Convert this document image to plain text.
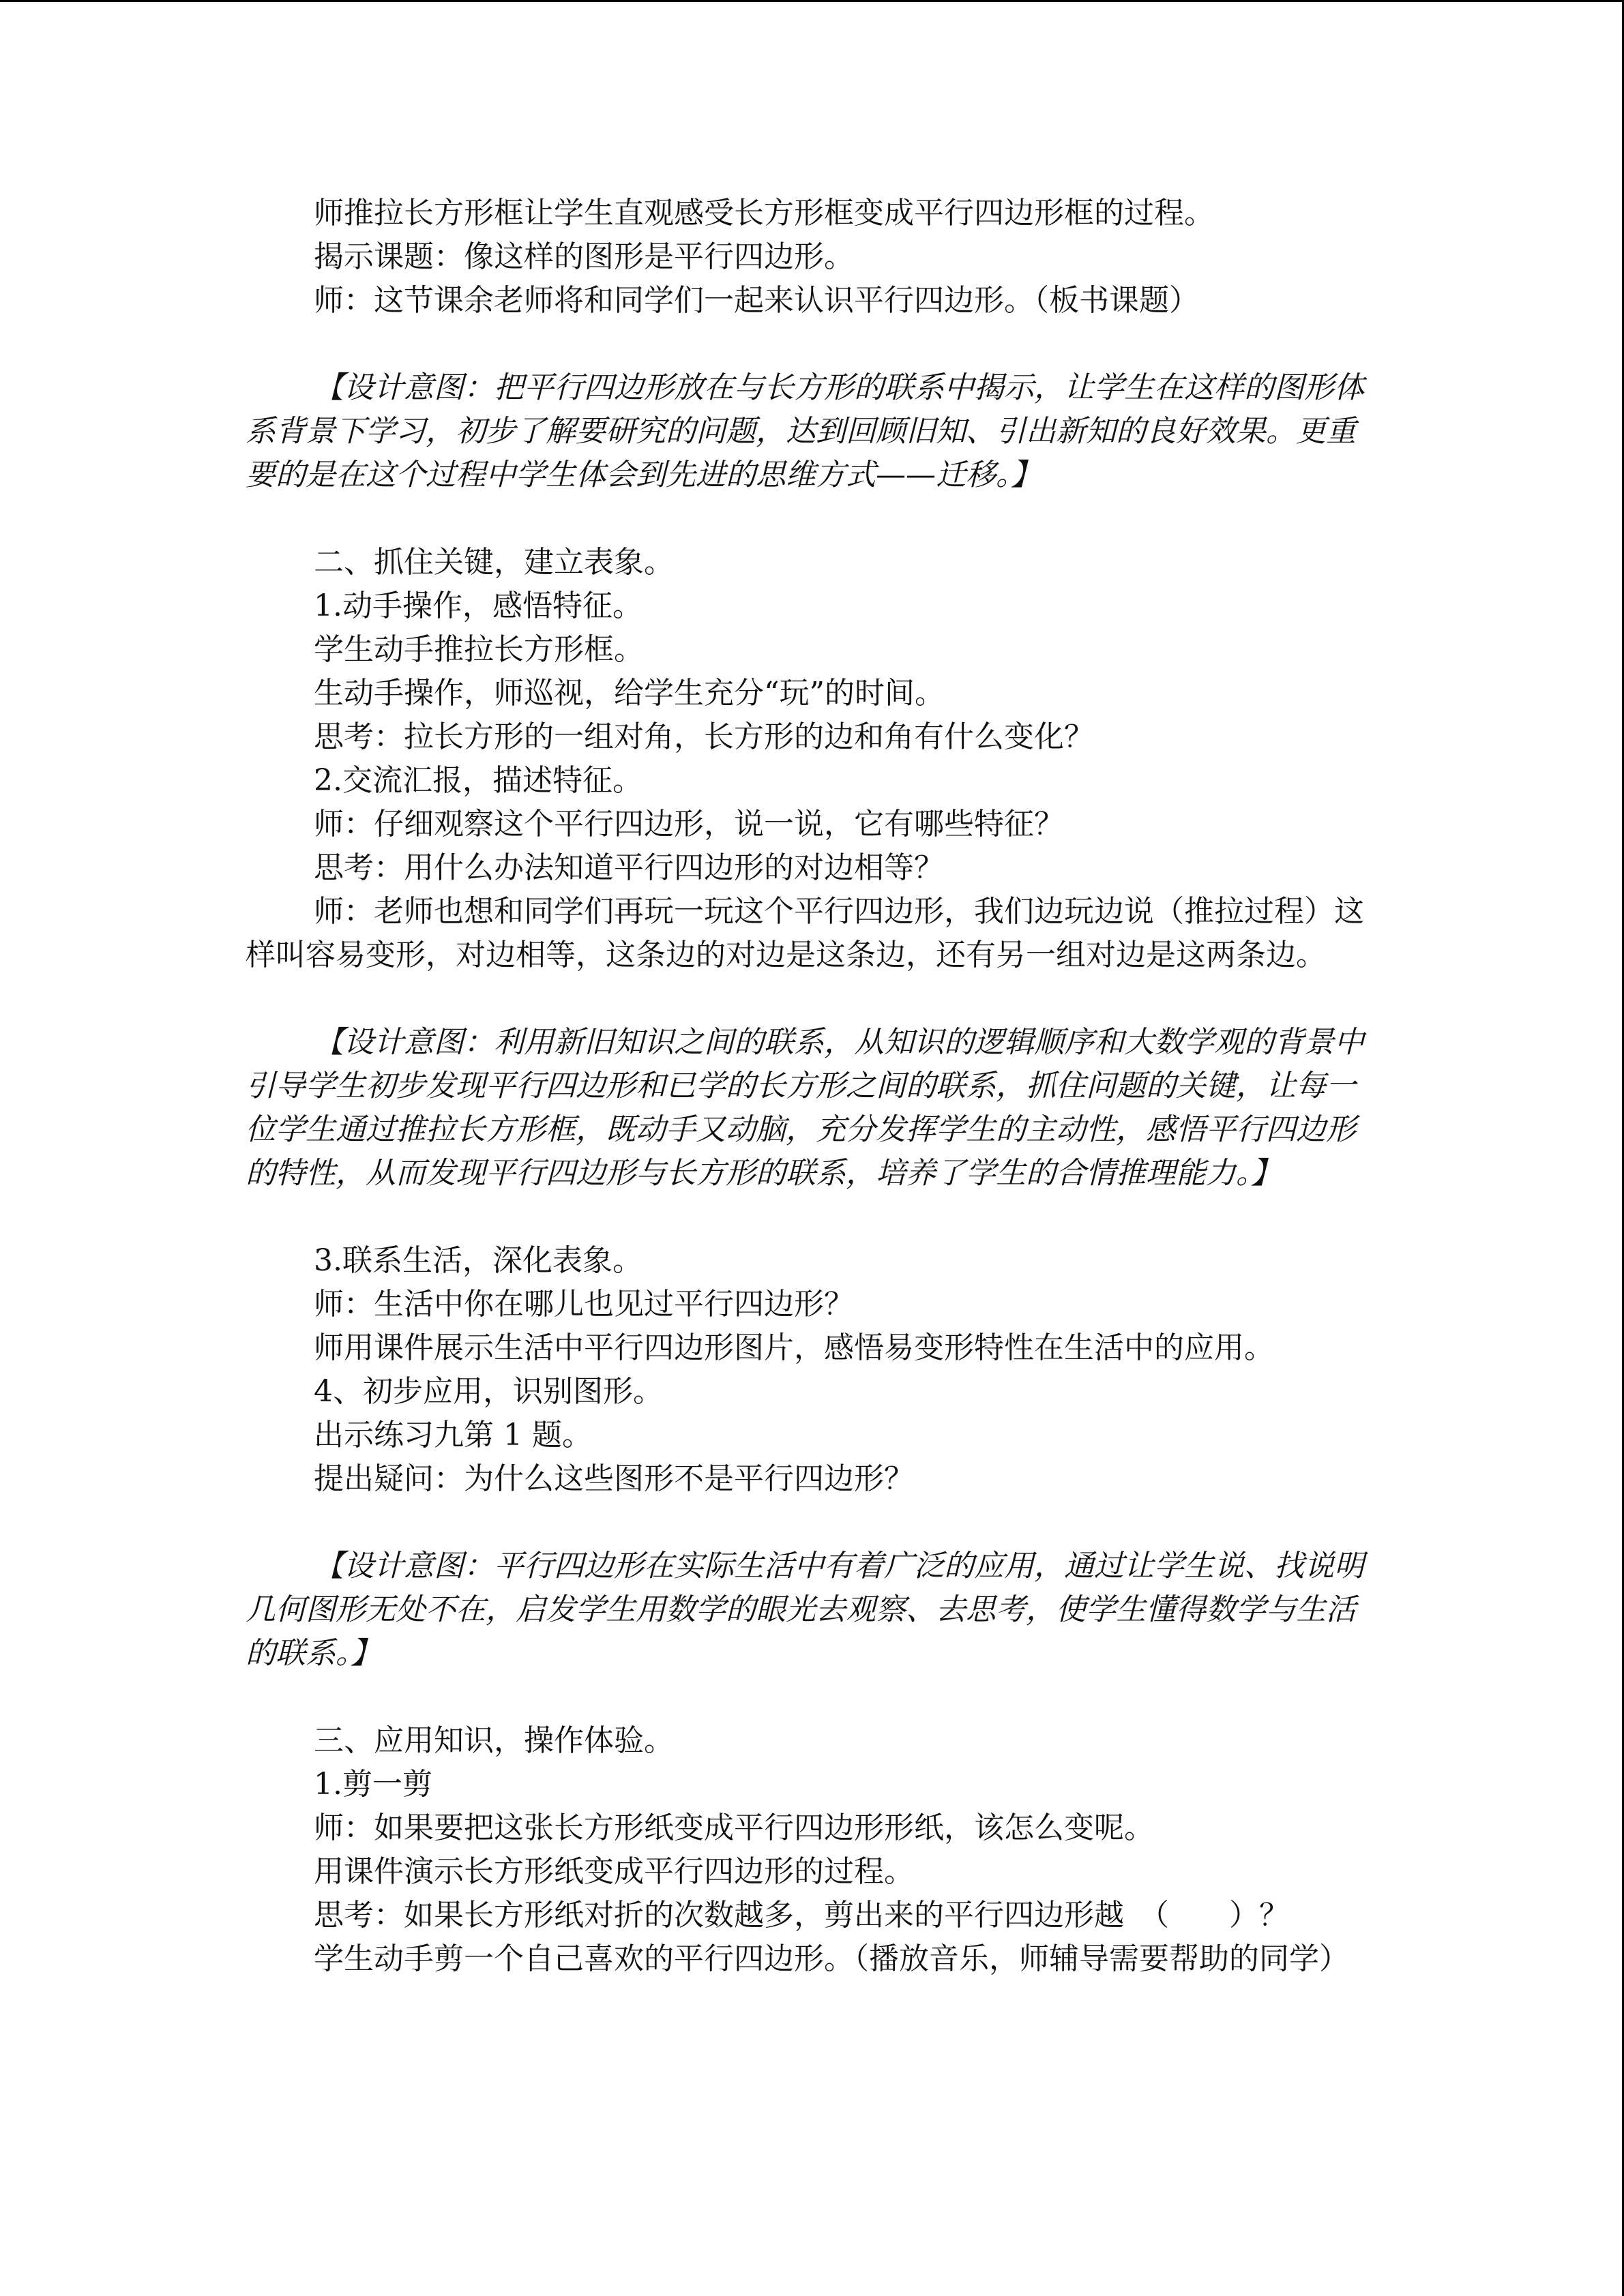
师推拉长方形框让学生直观感受长方形框变成平行四边形框的过程。

揭示课题：像这样的图形是平行四边形。

师：这节课余老师将和同学们一起来认识平行四边形。（板书课题）

【设计意图：把平行四边形放在与长方形的联系中揭示，让学生在这样的图形体系背景下学习，初步了解要研究的问题，达到回顾旧知、引出新知的良好效果。更重要的是在这个过程中学生体会到先进的思维方式——迁移。】

二、抓住关键，建立表象。

1.动手操作，感悟特征。

学生动手推拉长方形框。

生动手操作，师巡视，给学生充分“玩”的时间。

思考：拉长方形的一组对角，长方形的边和角有什么变化？

2.交流汇报，描述特征。

师：仔细观察这个平行四边形，说一说，它有哪些特征？

思考：用什么办法知道平行四边形的对边相等？

师：老师也想和同学们再玩一玩这个平行四边形，我们边玩边说（推拉过程）这样叫容易变形，对边相等，这条边的对边是这条边，还有另一组对边是这两条边。

【设计意图：利用新旧知识之间的联系，从知识的逻辑顺序和大数学观的背景中引导学生初步发现平行四边形和已学的长方形之间的联系，抓住问题的关键，让每一位学生通过推拉长方形框，既动手又动脑，充分发挥学生的主动性，感悟平行四边形的特性，从而发现平行四边形与长方形的联系，培养了学生的合情推理能力。】

3.联系生活，深化表象。

师：生活中你在哪儿也见过平行四边形？

师用课件展示生活中平行四边形图片，感悟易变形特性在生活中的应用。

4、初步应用，识别图形。

出示练习九第 1 题。

提出疑问：为什么这些图形不是平行四边形？

【设计意图：平行四边形在实际生活中有着广泛的应用，通过让学生说、找说明几何图形无处不在，启发学生用数学的眼光去观察、去思考，使学生懂得数学与生活的联系。】

三、应用知识，操作体验。

1.剪一剪

师：如果要把这张长方形纸变成平行四边形形纸，该怎么变呢。

用课件演示长方形纸变成平行四边形的过程。

思考：如果长方形纸对折的次数越多，剪出来的平行四边形越　（　　）？

学生动手剪一个自己喜欢的平行四边形。（播放音乐，师辅导需要帮助的同学）
